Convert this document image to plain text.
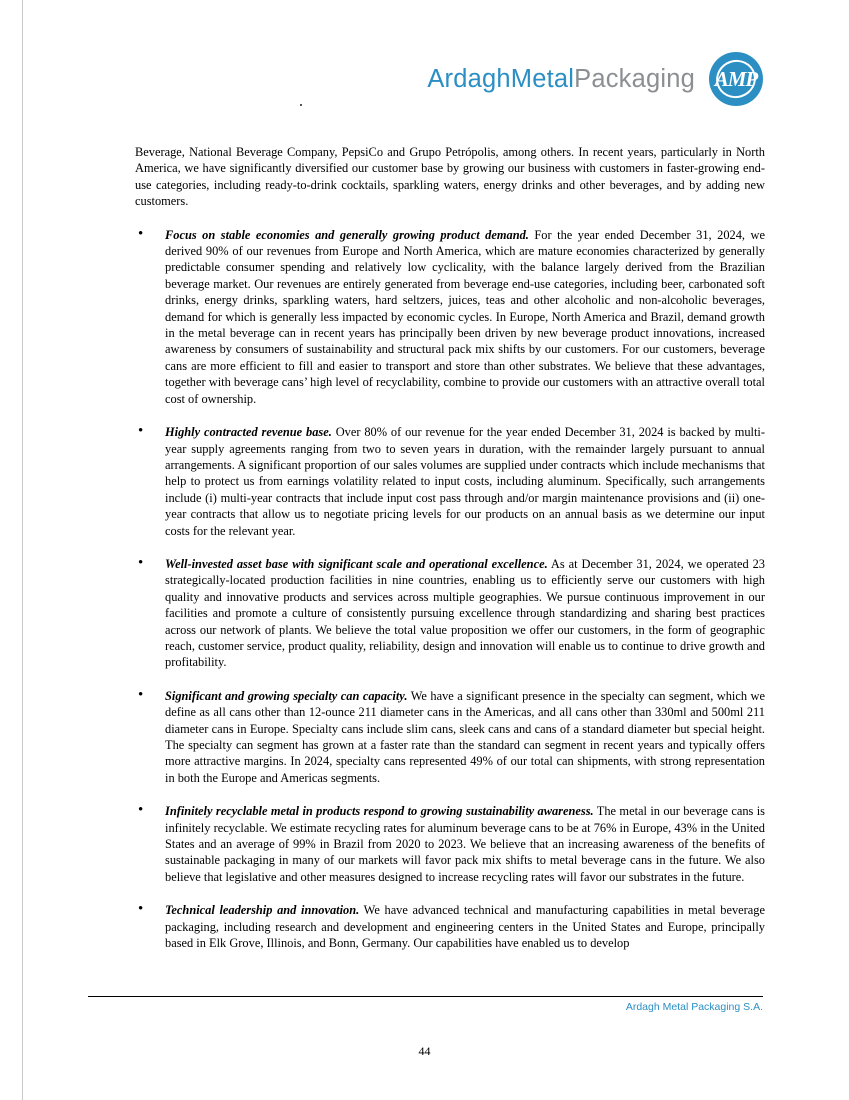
ArdaghMetalPackaging AMP

Beverage, National Beverage Company, PepsiCo and Grupo Petrópolis, among others. In recent years, particularly in North America, we have significantly diversified our customer base by growing our business with customers in faster-growing end-use categories, including ready-to-drink cocktails, sparkling waters, energy drinks and other beverages, and by adding new customers.

• Focus on stable economies and generally growing product demand. For the year ended December 31, 2024, we derived 90% of our revenues from Europe and North America, which are mature economies characterized by generally predictable consumer spending and relatively low cyclicality, with the balance largely derived from the Brazilian beverage market. Our revenues are entirely generated from beverage end-use categories, including beer, carbonated soft drinks, energy drinks, sparkling waters, hard seltzers, juices, teas and other alcoholic and non-alcoholic beverages, demand for which is generally less impacted by economic cycles. In Europe, North America and Brazil, demand growth in the metal beverage can in recent years has principally been driven by new beverage product innovations, increased awareness by consumers of sustainability and structural pack mix shifts by our customers. For our customers, beverage cans are more efficient to fill and easier to transport and store than other substrates. We believe that these advantages, together with beverage cans’ high level of recyclability, combine to provide our customers with an attractive overall total cost of ownership.
• Highly contracted revenue base. Over 80% of our revenue for the year ended December 31, 2024 is backed by multi-year supply agreements ranging from two to seven years in duration, with the remainder largely pursuant to annual arrangements. A significant proportion of our sales volumes are supplied under contracts which include mechanisms that help to protect us from earnings volatility related to input costs, including aluminum. Specifically, such arrangements include (i) multi-year contracts that include input cost pass through and/or margin maintenance provisions and (ii) one-year contracts that allow us to negotiate pricing levels for our products on an annual basis as we determine our input costs for the relevant year.
• Well-invested asset base with significant scale and operational excellence. As at December 31, 2024, we operated 23 strategically-located production facilities in nine countries, enabling us to efficiently serve our customers with high quality and innovative products and services across multiple geographies. We pursue continuous improvement in our facilities and promote a culture of consistently pursuing excellence through standardizing and sharing best practices across our network of plants. We believe the total value proposition we offer our customers, in the form of geographic reach, customer service, product quality, reliability, design and innovation will enable us to continue to drive growth and profitability.
• Significant and growing specialty can capacity. We have a significant presence in the specialty can segment, which we define as all cans other than 12-ounce 211 diameter cans in the Americas, and all cans other than 330ml and 500ml 211 diameter cans in Europe. Specialty cans include slim cans, sleek cans and cans of a standard diameter but special height. The specialty can segment has grown at a faster rate than the standard can segment in recent years and typically offers more attractive margins. In 2024, specialty cans represented 49% of our total can shipments, with strong representation in both the Europe and Americas segments.
• Infinitely recyclable metal in products respond to growing sustainability awareness. The metal in our beverage cans is infinitely recyclable. We estimate recycling rates for aluminum beverage cans to be at 76% in Europe, 43% in the United States and an average of 99% in Brazil from 2020 to 2023. We believe that an increasing awareness of the benefits of sustainable packaging in many of our markets will favor pack mix shifts to metal beverage cans in the future. We also believe that legislative and other measures designed to increase recycling rates will favor our substrates in the future.
• Technical leadership and innovation. We have advanced technical and manufacturing capabilities in metal beverage packaging, including research and development and engineering centers in the United States and Europe, principally based in Elk Grove, Illinois, and Bonn, Germany. Our capabilities have enabled us to develop
Ardagh Metal Packaging S.A.
44
